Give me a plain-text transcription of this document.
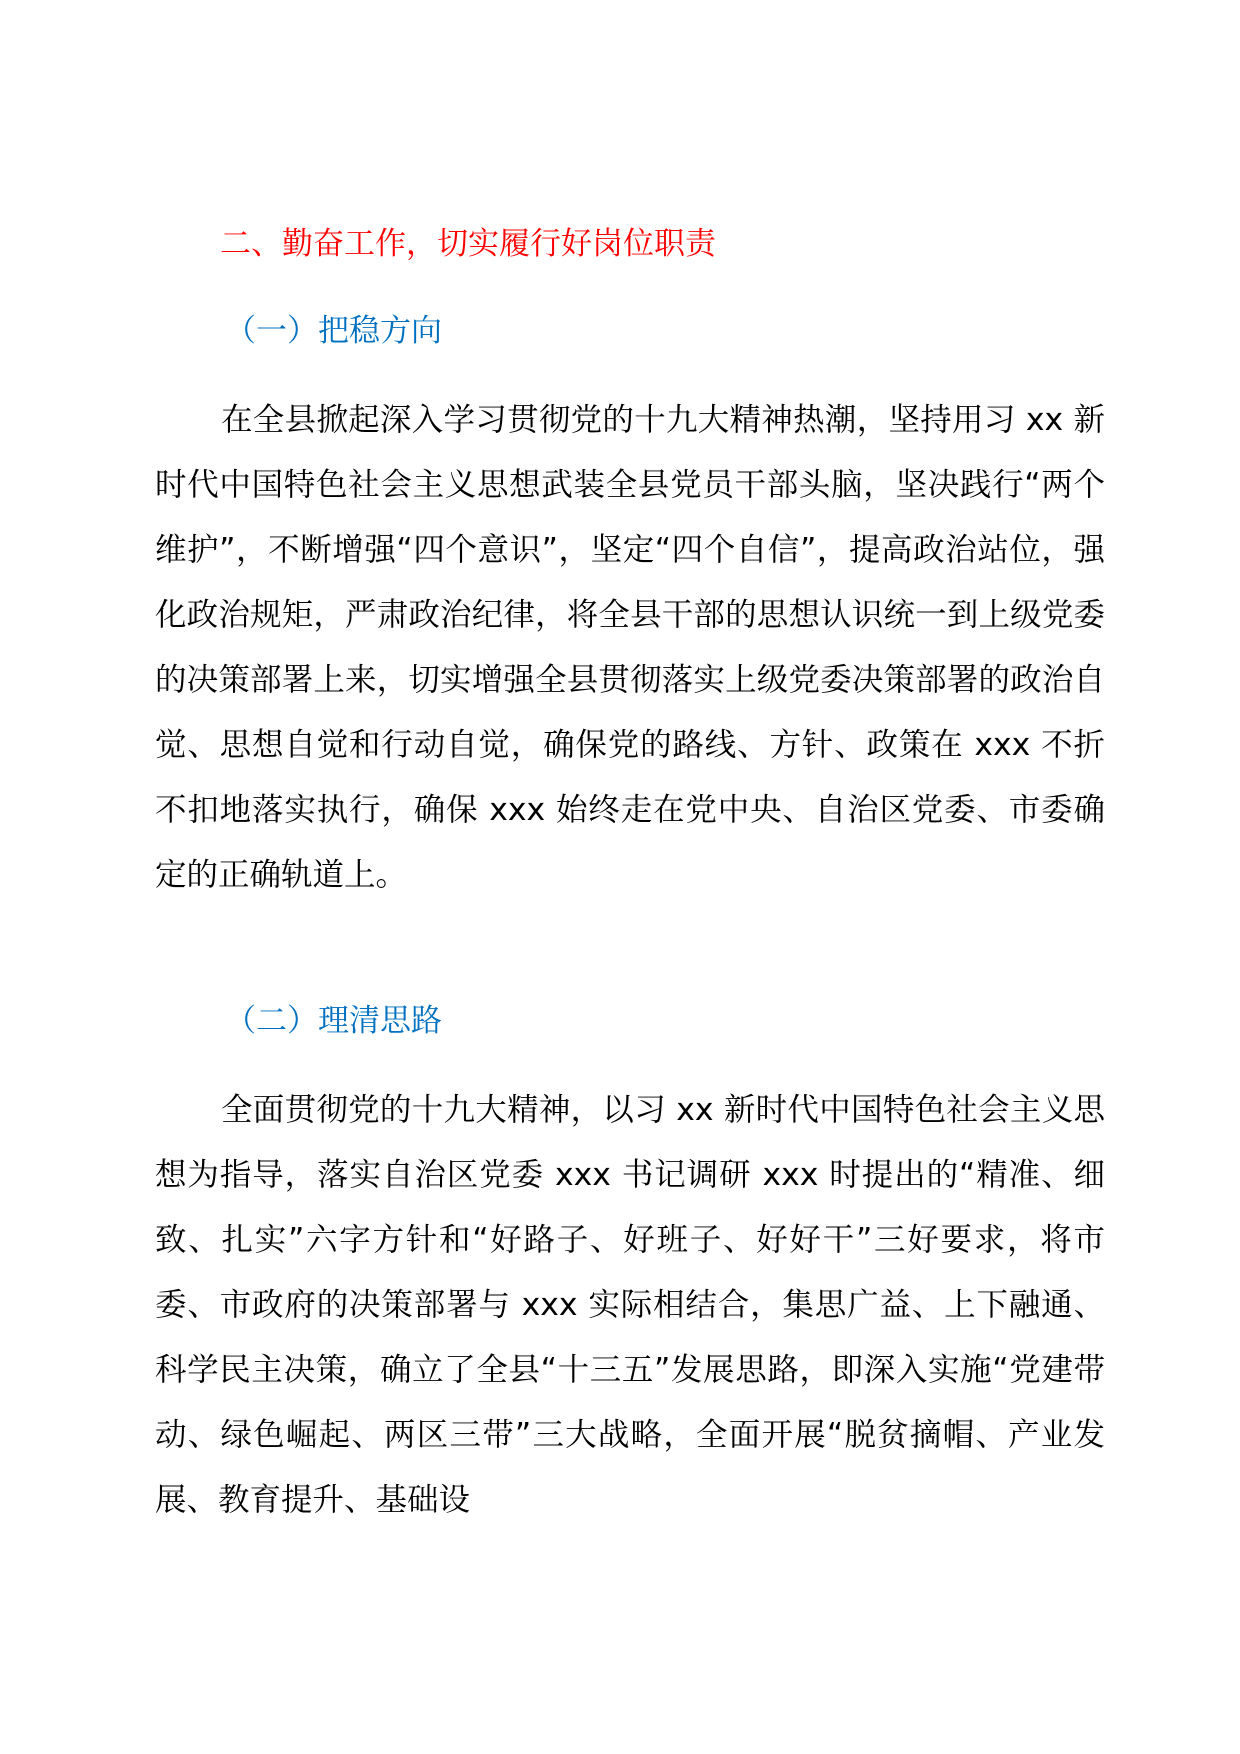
二、勤奋工作，切实履行好岗位职责
（一）把稳方向
在全县掀起深入学习贯彻党的十九大精神热潮，坚持用习 xx 新时代中国特色社会主义思想武装全县党员干部头脑，坚决践行“两个维护”，不断增强“四个意识”，坚定“四个自信”，提高政治站位，强化政治规矩，严肃政治纪律，将全县干部的思想认识统一到上级党委的决策部署上来，切实增强全县贯彻落实上级党委决策部署的政治自觉、思想自觉和行动自觉，确保党的路线、方针、政策在 xxx 不折不扣地落实执行，确保 xxx 始终走在党中央、自治区党委、市委确定的正确轨道上。
（二）理清思路
全面贯彻党的十九大精神，以习 xx 新时代中国特色社会主义思想为指导，落实自治区党委 xxx 书记调研 xxx 时提出的“精准、细致、扎实”六字方针和“好路子、好班子、好好干”三好要求，将市委、市政府的决策部署与 xxx 实际相结合，集思广益、上下融通、科学民主决策，确立了全县“十三五”发展思路，即深入实施“党建带动、绿色崛起、两区三带”三大战略，全面开展“脱贫摘帽、产业发展、教育提升、基础设
